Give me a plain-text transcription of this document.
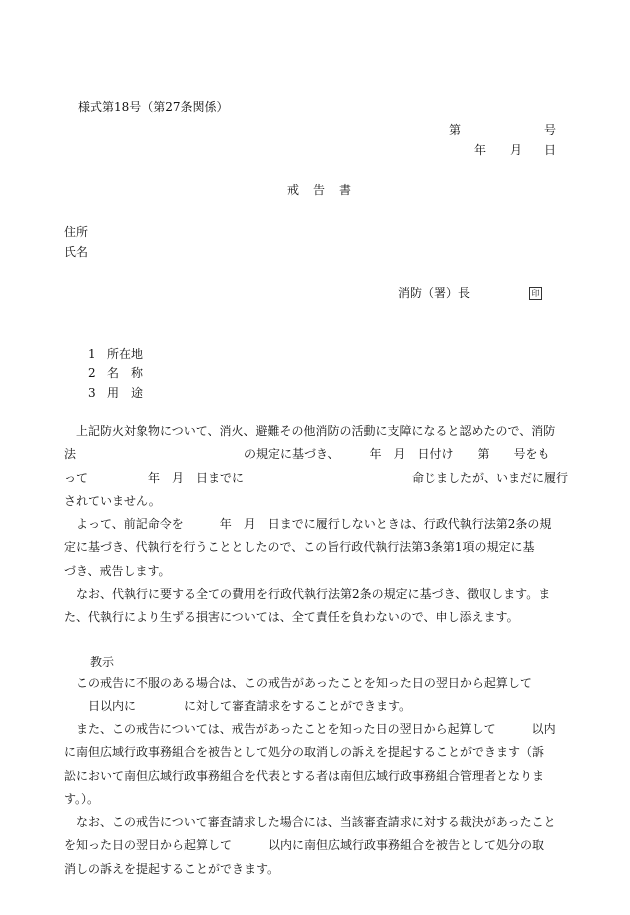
様式第18号（第27条関係）
第	号
年 月 日
戒　告　書
住所
氏名
消防（署）長	印
1 所在地
2 名　称
3 用　途
上記防火対象物について、消火、避難その他消防の活動に支障になると認めたので、消防
法　　　　　　　　　　　　　　の規定に基づき、　　　年　月　日付け　　第　　号をも
って　　　　　年　月　日までに　　　　　　　　　　　　　　命じましたが、いまだに履行
されていません。
よって、前記命令を　　　年　月　日までに履行しないときは、行政代執行法第2条の規
定に基づき、代執行を行うこととしたので、この旨行政代執行法第3条第1項の規定に基
づき、戒告します。
なお、代執行に要する全ての費用を行政代執行法第2条の規定に基づき、徴収します。ま
た、代執行により生ずる損害については、全て責任を負わないので、申し添えます。
教示
この戒告に不服のある場合は、この戒告があったことを知った日の翌日から起算して
　　日以内に　　　　に対して審査請求をすることができます。
また、この戒告については、戒告があったことを知った日の翌日から起算して　　　以内
に南但広域行政事務組合を被告として処分の取消しの訴えを提起することができます（訴
訟において南但広域行政事務組合を代表とする者は南但広域行政事務組合管理者となりま
す。）。
なお、この戒告について審査請求した場合には、当該審査請求に対する裁決があったこと
を知った日の翌日から起算して　　　以内に南但広域行政事務組合を被告として処分の取
消しの訴えを提起することができます。
